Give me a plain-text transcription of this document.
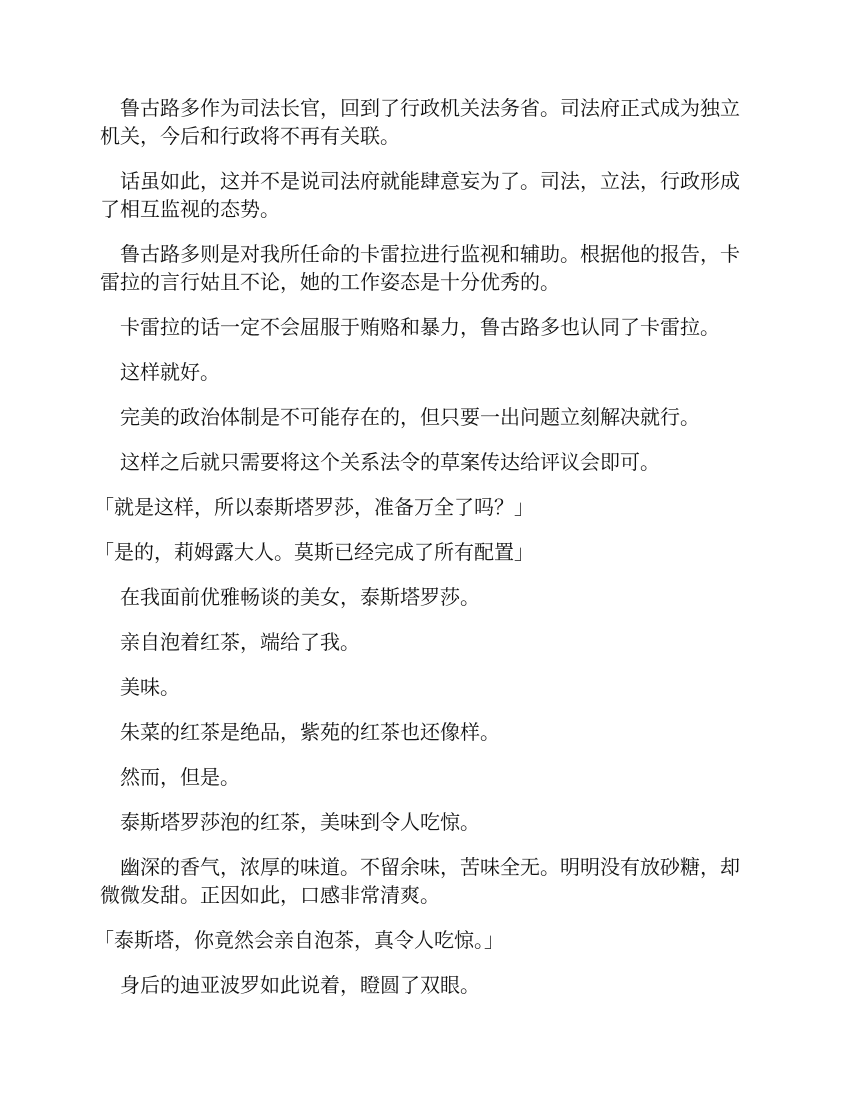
鲁古路多作为司法长官，回到了行政机关法务省。司法府正式成为独立机关，今后和行政将不再有关联。

话虽如此，这并不是说司法府就能肆意妄为了。司法，立法，行政形成了相互监视的态势。

鲁古路多则是对我所任命的卡雷拉进行监视和辅助。根据他的报告，卡雷拉的言行姑且不论，她的工作姿态是十分优秀的。

卡雷拉的话一定不会屈服于贿赂和暴力，鲁古路多也认同了卡雷拉。

这样就好。

完美的政治体制是不可能存在的，但只要一出问题立刻解决就行。

这样之后就只需要将这个关系法令的草案传达给评议会即可。

「就是这样，所以泰斯塔罗莎，准备万全了吗？」

「是的，莉姆露大人。莫斯已经完成了所有配置」

在我面前优雅畅谈的美女，泰斯塔罗莎。

亲自泡着红茶，端给了我。

美味。

朱菜的红茶是绝品，紫苑的红茶也还像样。

然而，但是。

泰斯塔罗莎泡的红茶，美味到令人吃惊。

幽深的香气，浓厚的味道。不留余味，苦味全无。明明没有放砂糖，却微微发甜。正因如此，口感非常清爽。

「泰斯塔，你竟然会亲自泡茶，真令人吃惊。」

身后的迪亚波罗如此说着，瞪圆了双眼。
